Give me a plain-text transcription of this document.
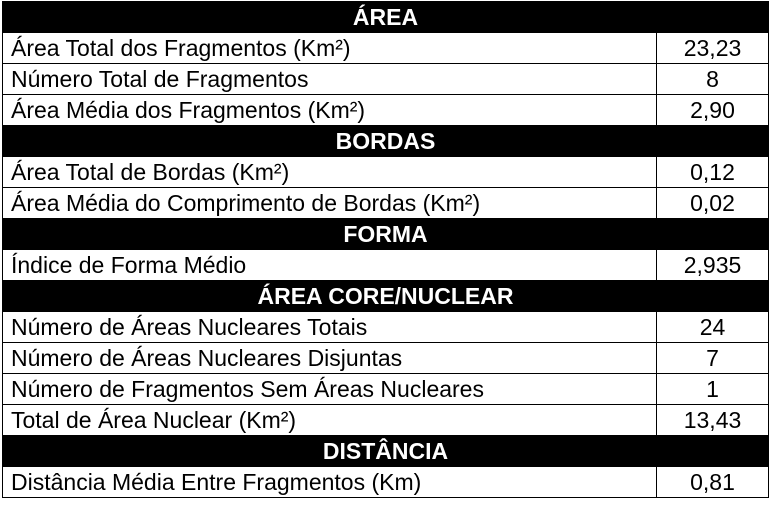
ÁREA	
Área Total dos Fragmentos (Km²)	23,23
Número Total de Fragmentos	8
Área Média dos Fragmentos (Km²)	2,90
BORDAS	
Área Total de Bordas (Km²)	0,12
Área Média do Comprimento de Bordas (Km²)	0,02
FORMA	
Índice de Forma Médio	2,935
ÁREA CORE/NUCLEAR	
Número de Áreas Nucleares Totais	24
Número de Áreas Nucleares Disjuntas	7
Número de Fragmentos Sem Áreas Nucleares	1
Total de Área Nuclear (Km²)	13,43
DISTÂNCIA	
Distância Média Entre Fragmentos (Km)	0,81
